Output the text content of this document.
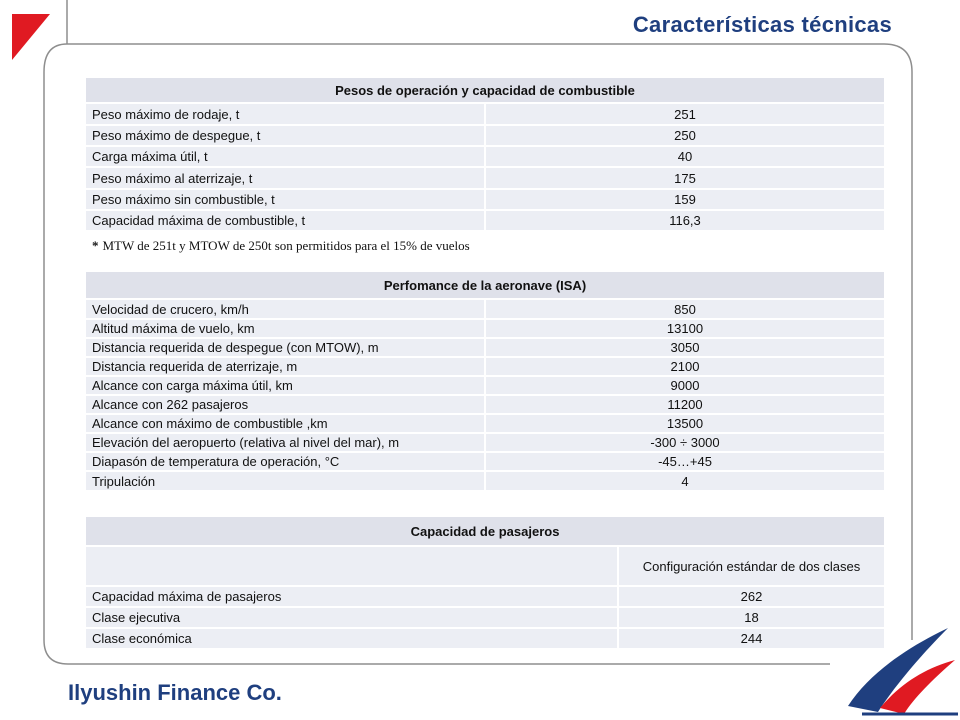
Características técnicas
Pesos de operación y capacidad de combustible	
Peso máximo de rodaje, t	251
Peso máximo de despegue, t	250
Carga máxima útil, t	40
Peso máximo al aterrizaje, t	175
Peso máximo sin combustible, t	159
Capacidad máxima de combustible, t	116,3
* MTW de 251t y MTOW de 250t son permitidos para el 15% de vuelos
Perfomance de la aeronave (ISA)	
Velocidad de crucero, km/h	850
Altitud máxima de vuelo, km	13100
Distancia requerida de despegue (con MTOW), m	3050
Distancia requerida de aterrizaje, m	2100
Alcance con carga máxima útil, km	9000
Alcance con 262 pasajeros	11200
Alcance con máximo de combustible ,km	13500
Elevación del aeropuerto (relativa al nivel del mar), m	-300 ÷ 3000
Diapasón de temperatura de operación, °C	-45…+45
Tripulación	4
Capacidad de pasajeros	
	Configuración estándar de dos clases
Capacidad máxima de pasajeros	262
Clase ejecutiva	18
Clase económica	244
Ilyushin Finance Co.
